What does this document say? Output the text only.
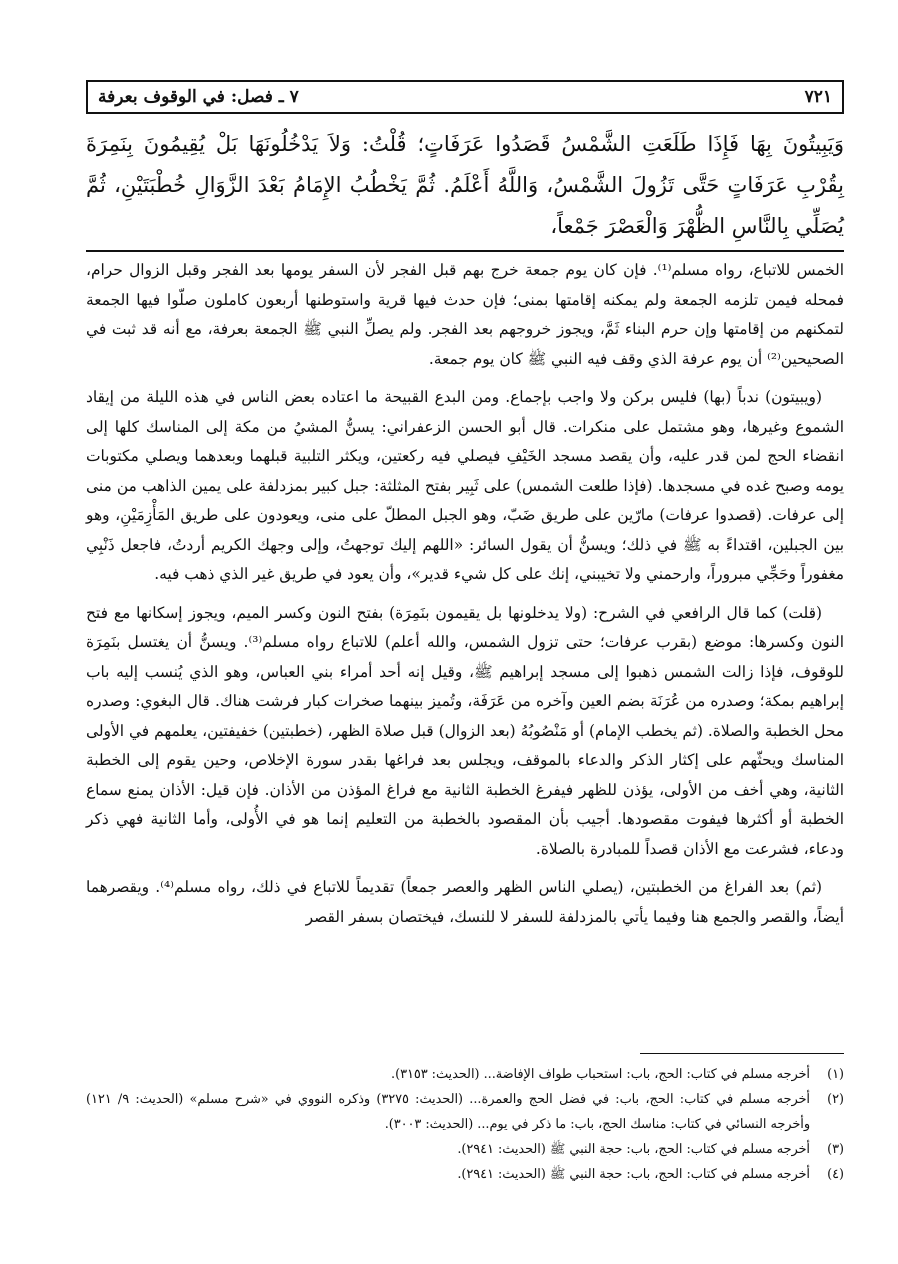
٧ ـ فصل: في الوقوف بعرفة	٧٢١
وَيَبِيتُونَ بِهَا فَإِذَا طَلَعَتِ الشَّمْسُ قَصَدُوا عَرَفَاتٍ؛ قُلْتُ: وَلاَ يَدْخُلُونَهَا بَلْ يُقِيمُونَ بِنَمِرَةَ بِقُرْبِ عَرَفَاتٍ حَتَّى تَزُولَ الشَّمْسُ، وَاللَّهُ أَعْلَمُ. ثُمَّ يَخْطُبُ الإِمَامُ بَعْدَ الزَّوَالِ خُطْبَتَيْنِ، ثُمَّ يُصَلِّي بِالنَّاسِ الظُّهْرَ وَالْعَصْرَ جَمْعاً،

الخمس للاتباع، رواه مسلم⁽¹⁾. فإن كان يوم جمعة خرج بهم قبل الفجر لأن السفر يومها بعد الفجر وقبل الزوال حرام، فمحله فيمن تلزمه الجمعة ولم يمكنه إقامتها بمنى؛ فإن حدث فيها قرية واستوطنها أربعون كاملون صلّوا فيها الجمعة لتمكنهم من إقامتها وإن حرم البناء ثَمَّ، ويجوز خروجهم بعد الفجر. ولم يصلِّ النبي ﷺ الجمعة بعرفة، مع أنه قد ثبت في الصحيحين⁽²⁾ أن يوم عرفة الذي وقف فيه النبي ﷺ كان يوم جمعة.

(ويبيتون) ندباً (بها) فليس بركن ولا واجب بإجماع. ومن البدع القبيحة ما اعتاده بعض الناس في هذه الليلة من إيقاد الشموع وغيرها، وهو مشتمل على منكرات. قال أبو الحسن الزعفراني: يسنُّ المشيُ من مكة إلى المناسك كلها إلى انقضاء الحج لمن قدر عليه، وأن يقصد مسجد الخَيْفِ فيصلي فيه ركعتين، ويكثر التلبية قبلهما وبعدهما ويصلي مكتوبات يومه وصبح غده في مسجدها. (فإذا طلعت الشمس) على ثَبِير بفتح المثلثة: جبل كبير بمزدلفة على يمين الذاهب من منى إلى عرفات. (قصدوا عرفات) مارّين على طريق ضَبّ، وهو الجبل المطلّ على منى، ويعودون على طريق المَأْزِمَيْنِ، وهو بين الجبلين، اقتداءً به ﷺ في ذلك؛ ويسنُّ أن يقول السائر: «اللهم إليك توجهتُ، وإلى وجهك الكريم أردتُ، فاجعل ذَنْبِي مغفوراً وحَجِّي مبروراً، وارحمني ولا تخيبني، إنك على كل شيء قدير»، وأن يعود في طريق غير الذي ذهب فيه.

(قلت) كما قال الرافعي في الشرح: (ولا يدخلونها بل يقيمون بنَمِرَة) بفتح النون وكسر الميم، ويجوز إسكانها مع فتح النون وكسرها: موضع (بقرب عرفات؛ حتى تزول الشمس، والله أعلم) للاتباع رواه مسلم⁽³⁾. ويسنُّ أن يغتسل بنَمِرَة للوقوف، فإذا زالت الشمس ذهبوا إلى مسجد إبراهيم ﷺ، وقيل إنه أحد أمراء بني العباس، وهو الذي يُنسب إليه باب إبراهيم بمكة؛ وصدره من عُرَنَة بضم العين وآخره من عَرَفَة، وتُميز بينهما صخرات كبار فرشت هناك. قال البغوي: وصدره محل الخطبة والصلاة. (ثم يخطب الإمام) أو مَنْصُوبُهُ (بعد الزوال) قبل صلاة الظهر، (خطبتين) خفيفتين، يعلمهم في الأولى المناسك ويحثّهم على إكثار الذكر والدعاء بالموقف، ويجلس بعد فراغها بقدر سورة الإخلاص، وحين يقوم إلى الخطبة الثانية، وهي أخف من الأولى، يؤذن للظهر فيفرغ الخطبة الثانية مع فراغ المؤذن من الأذان. فإن قيل: الأذان يمنع سماع الخطبة أو أكثرها فيفوت مقصودها. أجيب بأن المقصود بالخطبة من التعليم إنما هو في الأُولى، وأما الثانية فهي ذكر ودعاء، فشرعت مع الأذان قصداً للمبادرة بالصلاة.

(ثم) بعد الفراغ من الخطبتين، (يصلي الناس الظهر والعصر جمعاً) تقديماً للاتباع في ذلك، رواه مسلم⁽⁴⁾. ويقصرهما أيضاً، والقصر والجمع هنا وفيما يأتي بالمزدلفة للسفر لا للنسك، فيختصان بسفر القصر

(١)
أخرجه مسلم في كتاب: الحج، باب: استحباب طواف الإفاضة... (الحديث: ٣١٥٣).
(٢)
أخرجه مسلم في كتاب: الحج، باب: في فضل الحج والعمرة... (الحديث: ٣٢٧٥) وذكره النووي في «شرح مسلم» (الحديث: ٩/ ١٢١) وأخرجه النسائي في كتاب: مناسك الحج، باب: ما ذكر في يوم... (الحديث: ٣٠٠٣).
(٣)
أخرجه مسلم في كتاب: الحج، باب: حجة النبي ﷺ (الحديث: ٢٩٤١).
(٤)
أخرجه مسلم في كتاب: الحج، باب: حجة النبي ﷺ (الحديث: ٢٩٤١).
